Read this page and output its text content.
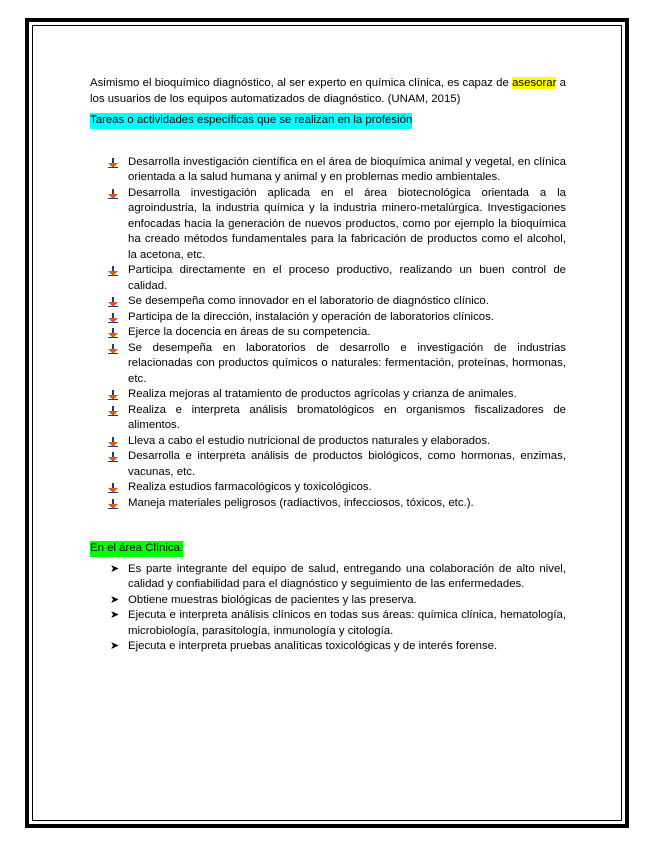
Asimismo el bioquímico diagnóstico, al ser experto en química clínica, es capaz de asesorar a los usuarios de los equipos automatizados de diagnóstico. (UNAM, 2015)

Tareas o actividades específicas que se realizan en la profesión
Desarrolla investigación científica en el área de bioquímica animal y vegetal, en clínica orientada a la salud humana y animal y en problemas medio ambientales.
Desarrolla investigación aplicada en el área biotecnológica orientada a la agroindustria, la industria química y la industria minero-metalúrgica. Investigaciones enfocadas hacia la generación de nuevos productos, como por ejemplo la bioquímica ha creado métodos fundamentales para la fabricación de productos como el alcohol, la acetona, etc.
Participa directamente en el proceso productivo, realizando un buen control de calidad.
Se desempeña como innovador en el laboratorio de diagnóstico clínico.
Participa de la dirección, instalación y operación de laboratorios clínicos.
Ejerce la docencia en áreas de su competencia.
Se desempeña en laboratorios de desarrollo e investigación de industrias relacionadas con productos químicos o naturales: fermentación, proteínas, hormonas, etc.
Realiza mejoras al tratamiento de productos agrícolas y crianza de animales.
Realiza e interpreta análisis bromatológicos en organismos fiscalizadores de alimentos.
Lleva a cabo el estudio nutricional de productos naturales y elaborados.
Desarrolla e interpreta análisis de productos biológicos, como hormonas, enzimas, vacunas, etc.
Realiza estudios farmacológicos y toxicológicos.
Maneja materiales peligrosos (radiactivos, infecciosos, tóxicos, etc.).
En el área Clínica:
➤ Es parte integrante del equipo de salud, entregando una colaboración de alto nivel, calidad y confiabilidad para el diagnóstico y seguimiento de las enfermedades.
➤ Obtiene muestras biológicas de pacientes y las preserva.
➤ Ejecuta e interpreta análisis clínicos en todas sus áreas: química clínica, hematología, microbiología, parasitología, inmunología y citología.
➤ Ejecuta e interpreta pruebas analíticas toxicológicas y de interés forense.
